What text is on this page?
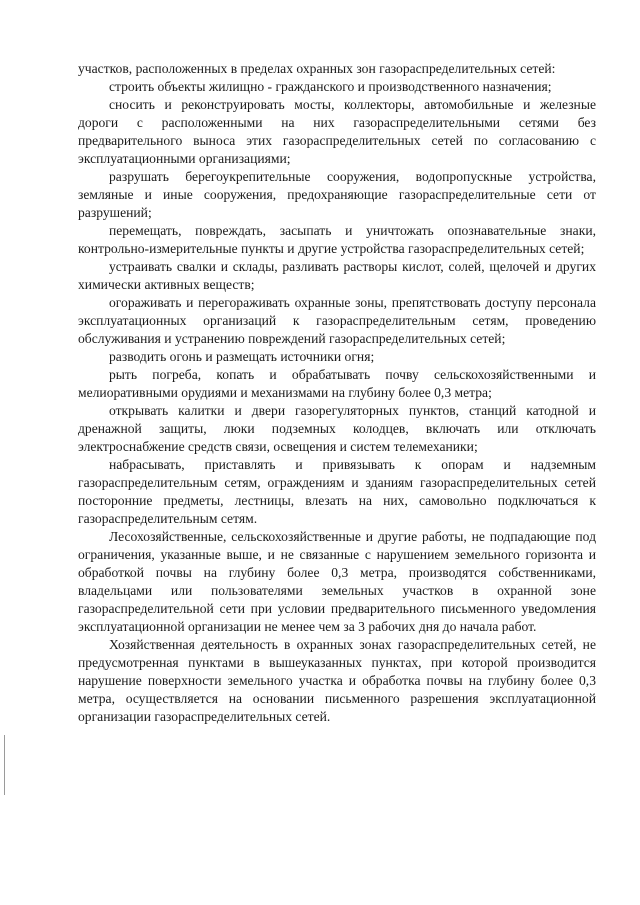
участков, расположенных в пределах охранных зон газораспределительных сетей:

строить объекты жилищно - гражданского и производственного назначения;

сносить и реконструировать мосты, коллекторы, автомобильные и железные дороги с расположенными на них газораспределительными сетями без предварительного выноса этих газораспределительных сетей по согласованию с эксплуатационными организациями;

разрушать берегоукрепительные сооружения, водопропускные устройства, земляные и иные сооружения, предохраняющие газораспределительные сети от разрушений;

перемещать, повреждать, засыпать и уничтожать опознавательные знаки, контрольно-измерительные пункты и другие устройства газораспределительных сетей;

устраивать свалки и склады, разливать растворы кислот, солей, щелочей и других химически активных веществ;

огораживать и перегораживать охранные зоны, препятствовать доступу персонала эксплуатационных организаций к газораспределительным сетям, проведению обслуживания и устранению повреждений газораспределительных сетей;

разводить огонь и размещать источники огня;

рыть погреба, копать и обрабатывать почву сельскохозяйственными и мелиоративными орудиями и механизмами на глубину более 0,3 метра;

открывать калитки и двери газорегуляторных пунктов, станций катодной и дренажной защиты, люки подземных колодцев, включать или отключать электроснабжение средств связи, освещения и систем телемеханики;

набрасывать, приставлять и привязывать к опорам и надземным газораспределительным сетям, ограждениям и зданиям газораспределительных сетей посторонние предметы, лестницы, влезать на них, самовольно подключаться к газораспределительным сетям.

Лесохозяйственные, сельскохозяйственные и другие работы, не подпадающие под ограничения, указанные выше, и не связанные с нарушением земельного горизонта и обработкой почвы на глубину более 0,3 метра, производятся собственниками, владельцами или пользователями земельных участков в охранной зоне газораспределительной сети при условии предварительного письменного уведомления эксплуатационной организации не менее чем за 3 рабочих дня до начала работ.

Хозяйственная деятельность в охранных зонах газораспределительных сетей, не предусмотренная пунктами в вышеуказанных пунктах, при которой производится нарушение поверхности земельного участка и обработка почвы на глубину более 0,3 метра, осуществляется на основании письменного разрешения эксплуатационной организации газораспределительных сетей.
